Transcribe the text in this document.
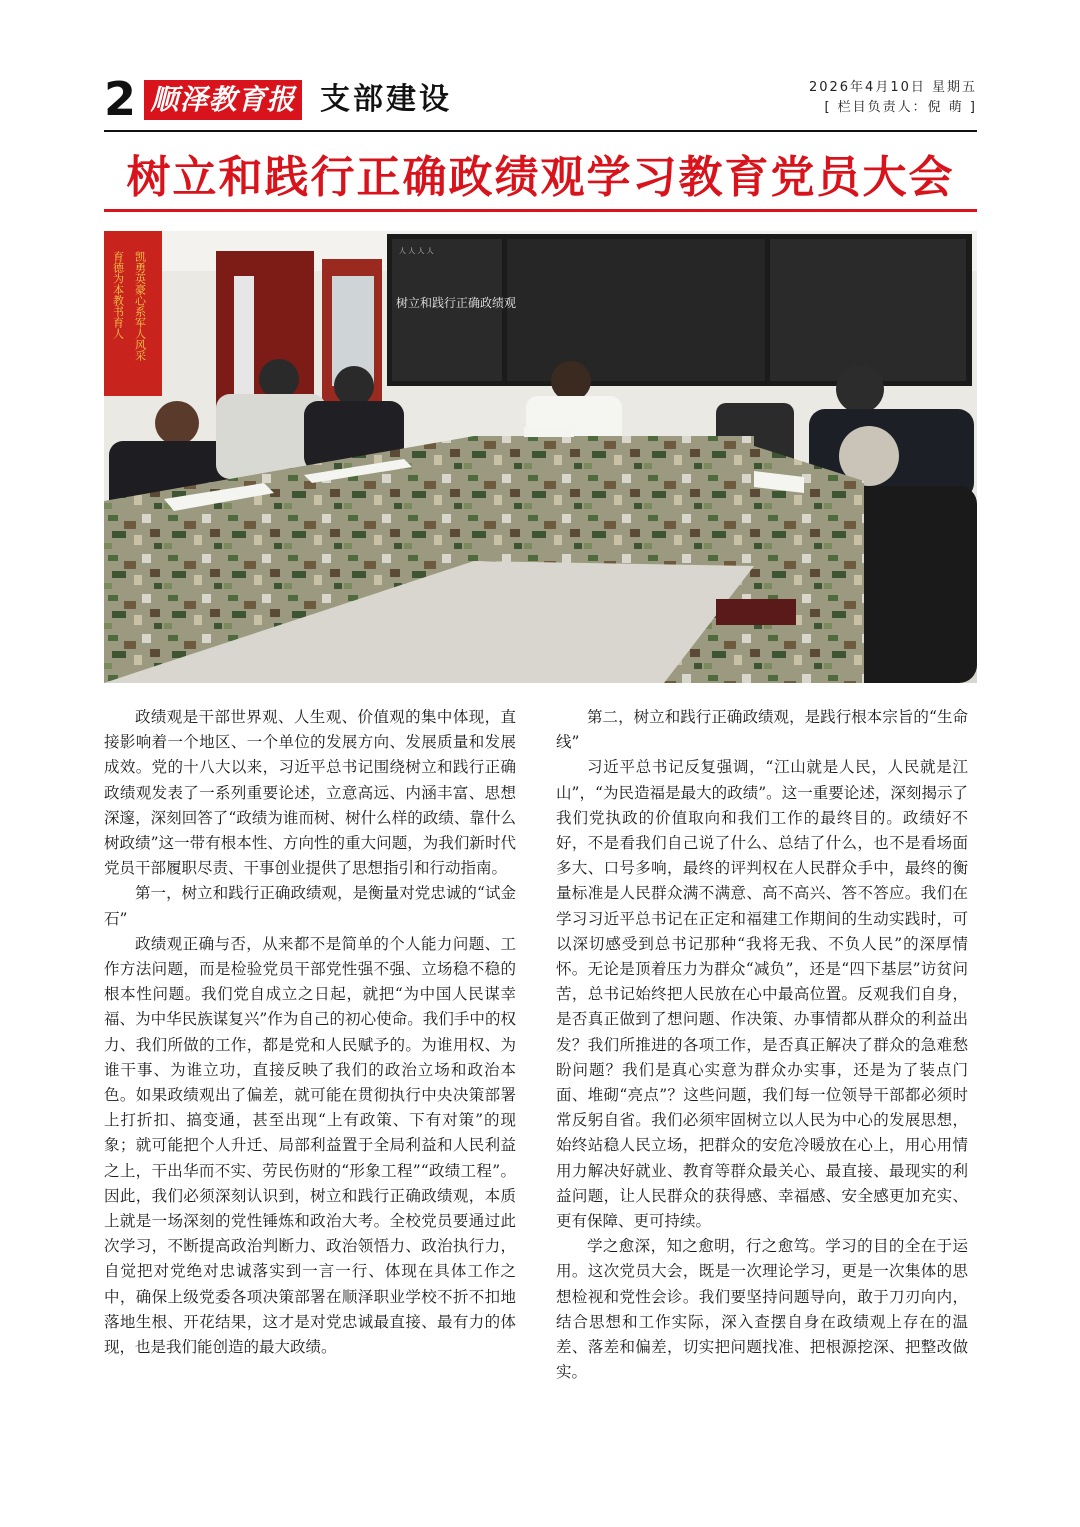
2 顺泽教育报 支部建设	2026年4月10日 星期五
[ 栏目负责人：倪 萌 ]
树立和践行正确政绩观学习教育党员大会
育德为本教书育人 凯勇英豪心系军人风采	树立和践行正确政绩观
人 人 人 人

政绩观是干部世界观、人生观、价值观的集中体现，直接影响着一个地区、一个单位的发展方向、发展质量和发展成效。党的十八大以来，习近平总书记围绕树立和践行正确政绩观发表了一系列重要论述，立意高远、内涵丰富、思想深邃，深刻回答了“政绩为谁而树、树什么样的政绩、靠什么树政绩”这一带有根本性、方向性的重大问题，为我们新时代党员干部履职尽责、干事创业提供了思想指引和行动指南。

第一，树立和践行正确政绩观，是衡量对党忠诚的“试金石”

政绩观正确与否，从来都不是简单的个人能力问题、工作方法问题，而是检验党员干部党性强不强、立场稳不稳的根本性问题。我们党自成立之日起，就把“为中国人民谋幸福、为中华民族谋复兴”作为自己的初心使命。我们手中的权力、我们所做的工作，都是党和人民赋予的。为谁用权、为谁干事、为谁立功，直接反映了我们的政治立场和政治本色。如果政绩观出了偏差，就可能在贯彻执行中央决策部署上打折扣、搞变通，甚至出现“上有政策、下有对策”的现象；就可能把个人升迁、局部利益置于全局利益和人民利益之上，干出华而不实、劳民伤财的“形象工程”“政绩工程”。因此，我们必须深刻认识到，树立和践行正确政绩观，本质上就是一场深刻的党性锤炼和政治大考。全校党员要通过此次学习，不断提高政治判断力、政治领悟力、政治执行力，自觉把对党绝对忠诚落实到一言一行、体现在具体工作之中，确保上级党委各项决策部署在顺泽职业学校不折不扣地落地生根、开花结果，这才是对党忠诚最直接、最有力的体现，也是我们能创造的最大政绩。

第二，树立和践行正确政绩观，是践行根本宗旨的“生命线”

习近平总书记反复强调，“江山就是人民，人民就是江山”，“为民造福是最大的政绩”。这一重要论述，深刻揭示了我们党执政的价值取向和我们工作的最终目的。政绩好不好，不是看我们自己说了什么、总结了什么，也不是看场面多大、口号多响，最终的评判权在人民群众手中，最终的衡量标准是人民群众满不满意、高不高兴、答不答应。我们在学习习近平总书记在正定和福建工作期间的生动实践时，可以深切感受到总书记那种“我将无我、不负人民”的深厚情怀。无论是顶着压力为群众“减负”，还是“四下基层”访贫问苦，总书记始终把人民放在心中最高位置。反观我们自身，是否真正做到了想问题、作决策、办事情都从群众的利益出发？我们所推进的各项工作，是否真正解决了群众的急难愁盼问题？我们是真心实意为群众办实事，还是为了装点门面、堆砌“亮点”？这些问题，我们每一位领导干部都必须时常反躬自省。我们必须牢固树立以人民为中心的发展思想，始终站稳人民立场，把群众的安危冷暖放在心上，用心用情用力解决好就业、教育等群众最关心、最直接、最现实的利益问题，让人民群众的获得感、幸福感、安全感更加充实、更有保障、更可持续。

学之愈深，知之愈明，行之愈笃。学习的目的全在于运用。这次党员大会，既是一次理论学习，更是一次集体的思想检视和党性会诊。我们要坚持问题导向，敢于刀刃向内，结合思想和工作实际，深入查摆自身在政绩观上存在的温差、落差和偏差，切实把问题找准、把根源挖深、把整改做实。
